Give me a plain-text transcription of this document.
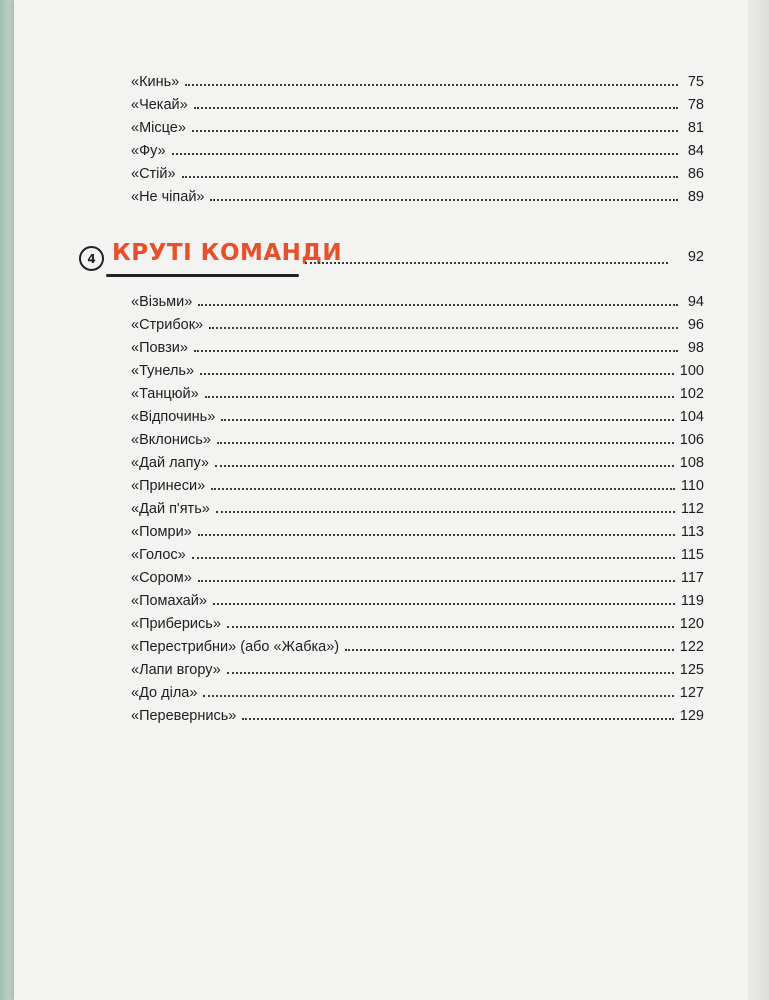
«Кинь»	75
«Чекай»	78
«Місце»	81
«Фу»	84
«Стій»	86
«Не чіпай»	89
4 КРУТІ КОМАНДИ	92
«Візьми»	94
«Стрибок»	96
«Повзи»	98
«Тунель»	100
«Танцюй»	102
«Відпочинь»	104
«Вклонись»	106
«Дай лапу»	108
«Принеси»	110
«Дай п'ять»	112
«Помри»	113
«Голос»	115
«Сором»	117
«Помахай»	119
«Приберись»	120
«Перестрибни» (або «Жабка»)	122
«Лапи вгору»	125
«До діла»	127
«Перевернись»	129
